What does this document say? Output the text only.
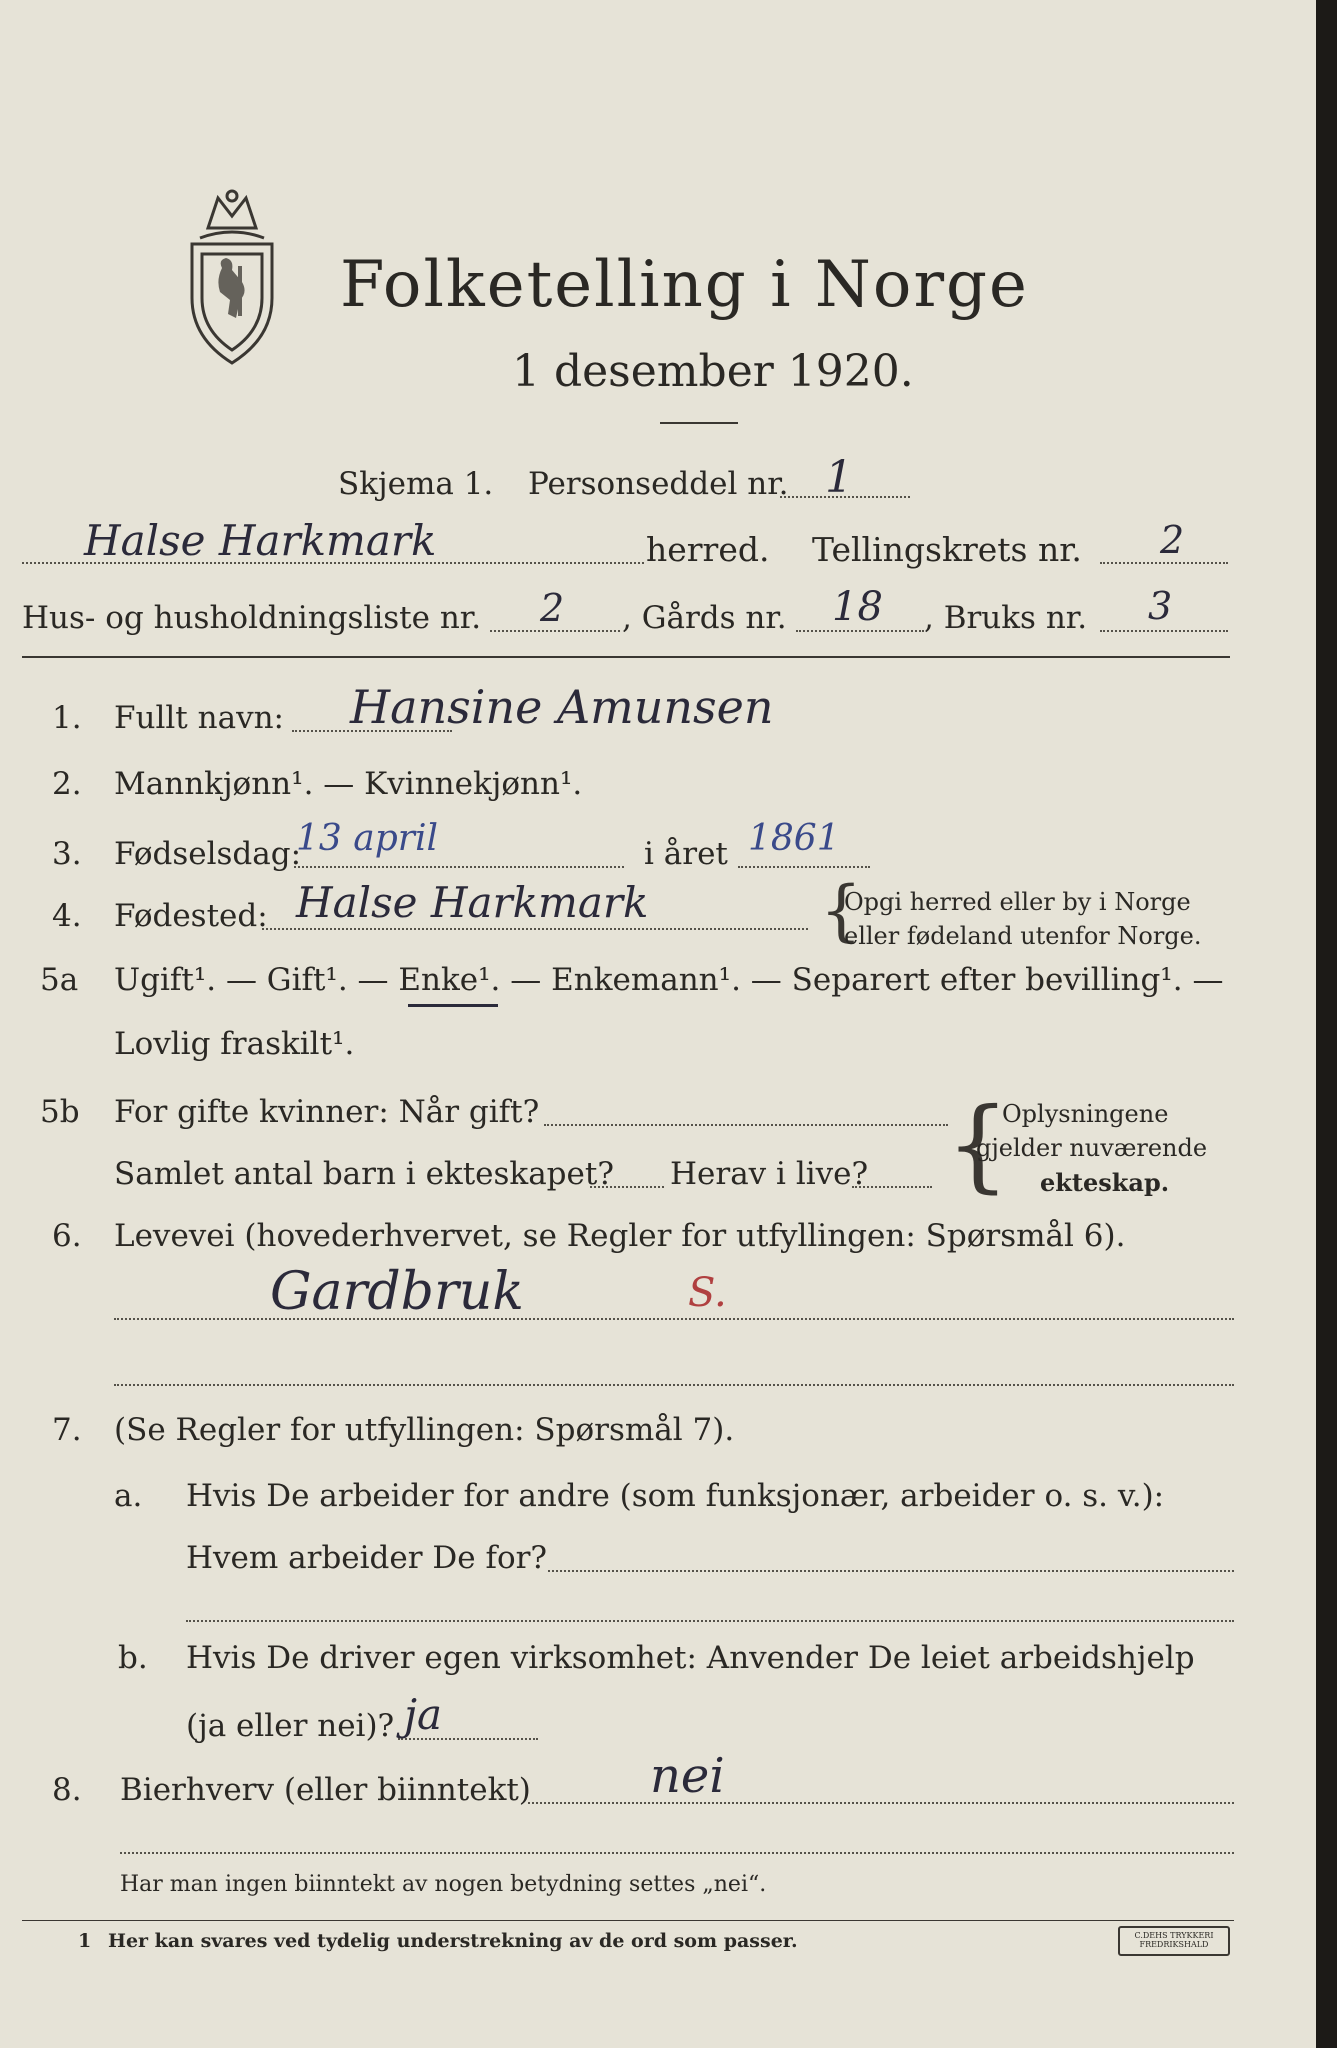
Folketelling i Norge
1 desember 1920.
Skjema 1. Personseddel nr. 1
Halse Harkmark	herred. Tellingskrets nr. 2
Hus- og husholdningsliste nr. 2 , Gårds nr. 18 , Bruks nr. 3
1. Fullt navn: Hansine Amunsen
2. Mannkjønn¹. — Kvinnekjønn¹.
3. Fødselsdag:
13 april	i året 1861
4. Fødested: Halse Harkmark	{
Opgi herred eller by i Norge
eller fødeland utenfor Norge.
5a Ugift¹. — Gift¹. — Enke¹. — Enkemann¹. — Separert efter bevilling¹. —
Lovlig fraskilt¹.
5b For gifte kvinner: Når gift?
Samlet antal barn i ekteskapet? Herav i live? {
Oplysningene
gjelder nuværende
ekteskap.
6. Levevei (hovederhvervet, se Regler for utfyllingen: Spørsmål 6).
Gardbruk	S.
7. (Se Regler for utfyllingen: Spørsmål 7).
a. Hvis De arbeider for andre (som funksjonær, arbeider o. s. v.):
Hvem arbeider De for?
b. Hvis De driver egen virksomhet: Anvender De leiet arbeidshjelp
(ja eller nei)? ja
8. Bierhverv (eller biinntekt) nei
Har man ingen biinntekt av nogen betydning settes „nei“.
1 Her kan svares ved tydelig understrekning av de ord som passer.	C.DEHS TRYKKERI FREDRIKSHALD
